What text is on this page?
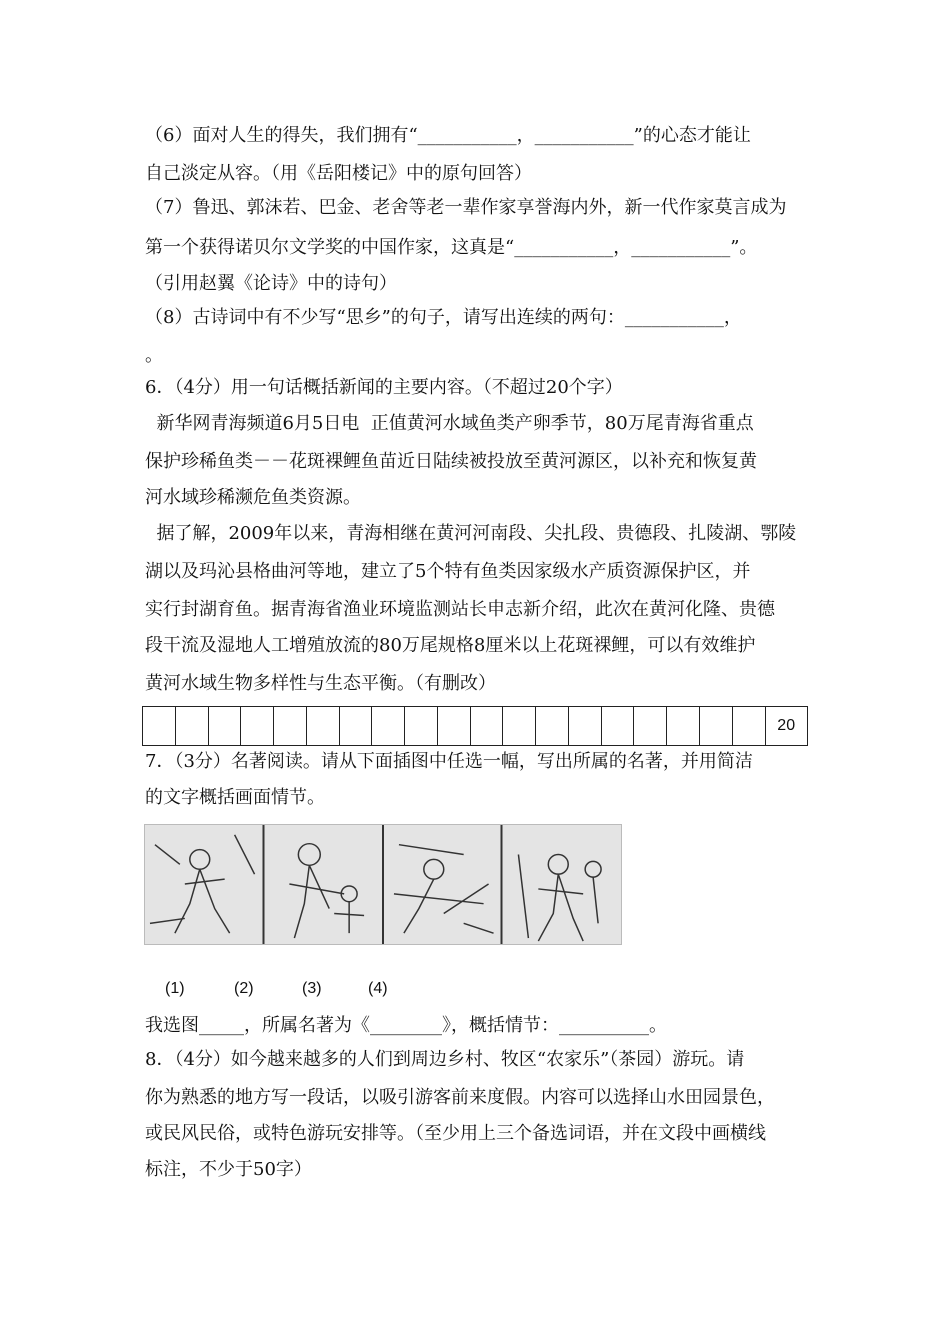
（6）面对人生的得失，我们拥有“___________，___________”的心态才能让
自己淡定从容。（用《岳阳楼记》中的原句回答）
（7）鲁迅、郭沫若、巴金、老舍等老一辈作家享誉海内外，新一代作家莫言成为
第一个获得诺贝尔文学奖的中国作家，这真是“___________，___________”。
（引用赵翼《论诗》中的诗句）
（8）古诗词中有不少写“思乡”的句子，请写出连续的两句：___________，
。
6．（4分）用一句话概括新闻的主要内容。（不超过20个字）
新华网青海频道6月5日电  正值黄河水域鱼类产卵季节，80万尾青海省重点
保护珍稀鱼类－－花斑裸鲤鱼苗近日陆续被投放至黄河源区，以补充和恢复黄
河水域珍稀濒危鱼类资源。
据了解，2009年以来，青海相继在黄河河南段、尖扎段、贵德段、扎陵湖、鄂陵
湖以及玛沁县格曲河等地，建立了5个特有鱼类因家级水产质资源保护区，并
实行封湖育鱼。据青海省渔业环境监测站长申志新介绍，此次在黄河化隆、贵德
段干流及湿地人工增殖放流的80万尾规格8厘米以上花斑裸鲤，可以有效维护
黄河水域生物多样性与生态平衡。（有删改）
20
7．（3分）名著阅读。请从下面插图中任选一幅，写出所属的名著，并用简洁
的文字概括画面情节。
(1)	(2)	(3)	(4)
我选图_____，所属名著为《________》，概括情节：__________。
8．（4分）如今越来越多的人们到周边乡村、牧区“农家乐”（茶园）游玩。请
你为熟悉的地方写一段话，以吸引游客前来度假。内容可以选择山水田园景色，
或民风民俗，或特色游玩安排等。（至少用上三个备选词语，并在文段中画横线
标注，不少于50字）
